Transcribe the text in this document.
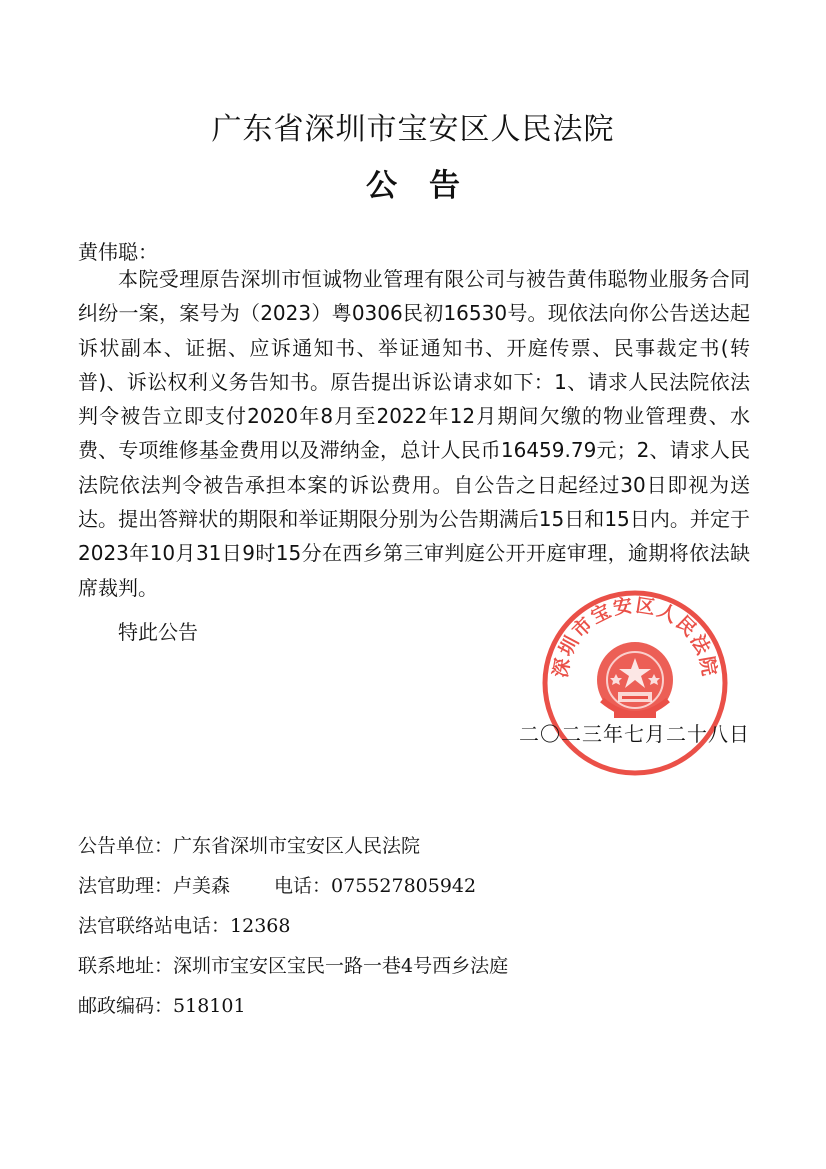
广东省深圳市宝安区人民法院
公告
黄伟聪：
本院受理原告深圳市恒诚物业管理有限公司与被告黄伟聪物业服务合同纠纷一案，案号为（2023）粤0306民初16530号。现依法向你公告送达起诉状副本、证据、应诉通知书、举证通知书、开庭传票、民事裁定书(转普)、诉讼权利义务告知书。原告提出诉讼请求如下：1、请求人民法院依法判令被告立即支付2020年8月至2022年12月期间欠缴的物业管理费、水费、专项维修基金费用以及滞纳金，总计人民币16459.79元；2、请求人民法院依法判令被告承担本案的诉讼费用。自公告之日起经过30日即视为送达。提出答辩状的期限和举证期限分别为公告期满后15日和15日内。并定于2023年10月31日9时15分在西乡第三审判庭公开开庭审理，逾期将依法缺席裁判。
特此公告
深圳市宝安区人民法院
二〇二三年七月二十八日
公告单位：广东省深圳市宝安区人民法院
法官助理：卢美森 电话：075527805942
法官联络站电话：12368
联系地址：深圳市宝安区宝民一路一巷4号西乡法庭
邮政编码：518101
